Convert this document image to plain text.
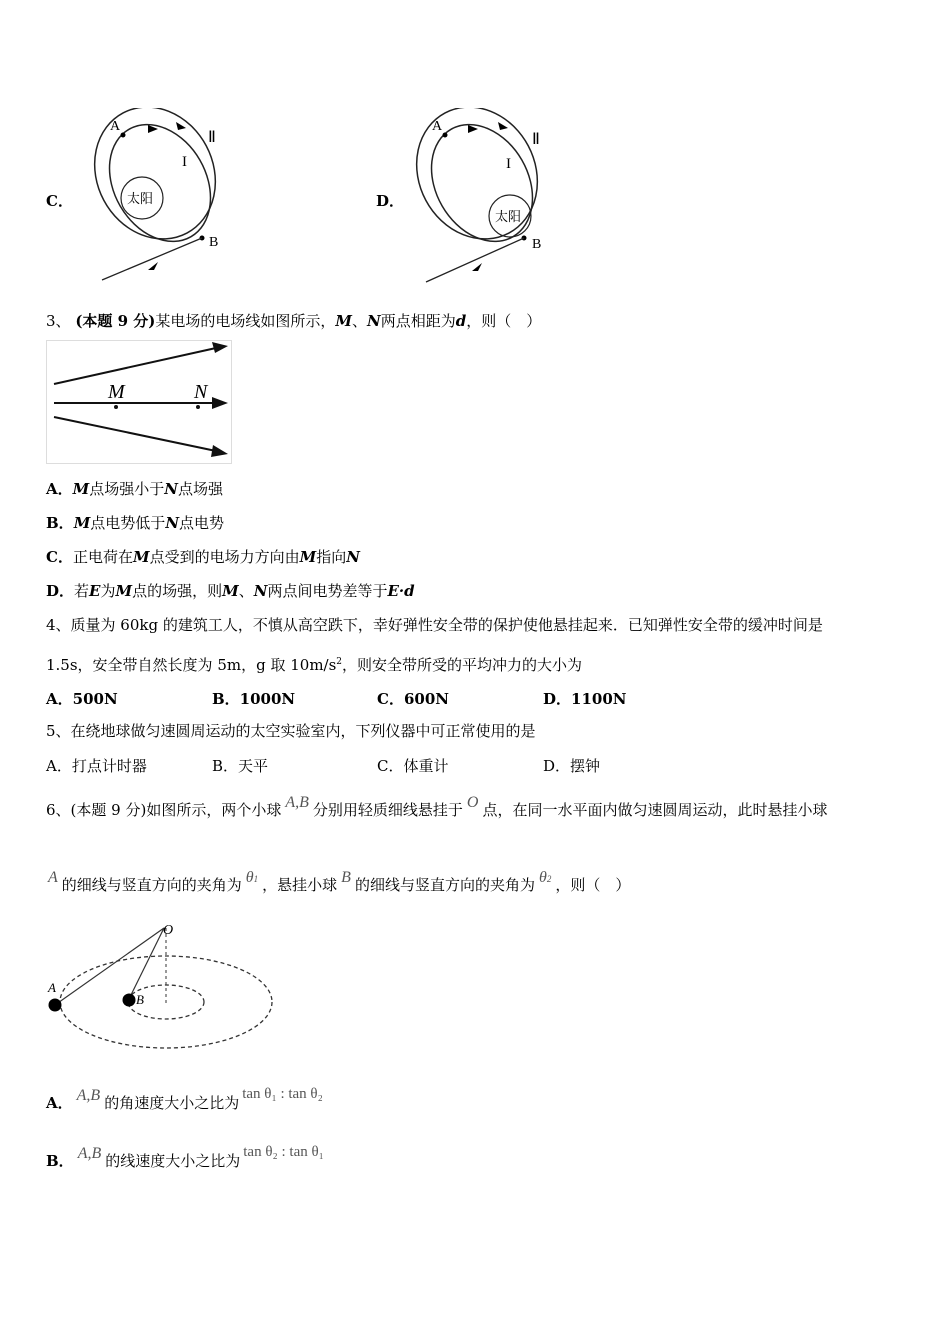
C．
A
Ⅱ
I
B
太阳	D．
A
Ⅱ
I
B
太阳
3、 (本题 9 分)某电场的电场线如图所示，M、N两点相距为d，则（　）
M	N
A．M点场强小于N点场强
B．M点电势低于N点电势
C．正电荷在M点受到的电场力方向由M指向N
D．若E为M点的场强，则M、N两点间电势差等于E·d
4、质量为 60kg 的建筑工人，不慎从高空跌下，幸好弹性安全带的保护使他悬挂起来．已知弹性安全带的缓冲时间是
1.5s，安全带自然长度为 5m，g 取 $10m/s^2$，则安全带所受的平均冲力的大小为
A．500N	B．1000N	C．600N	D．1100N
5、在绕地球做匀速圆周运动的太空实验室内，下列仪器中可正常使用的是
A．打点计时器	B．天平	C．体重计	D．摆钟
6、(本题 9 分)如图所示，两个小球 A,B 分别用轻质细线悬挂于 O 点，在同一水平面内做匀速圆周运动，此时悬挂小球
A 的细线与竖直方向的夹角为 θ1 ，悬挂小球 B 的细线与竖直方向的夹角为 θ2 ，则（　）
O
A
B
A． A,B 的角速度大小之比为 tan θ₁ : tan θ₂
B． A,B 的线速度大小之比为 tan θ₂ : tan θ₁
